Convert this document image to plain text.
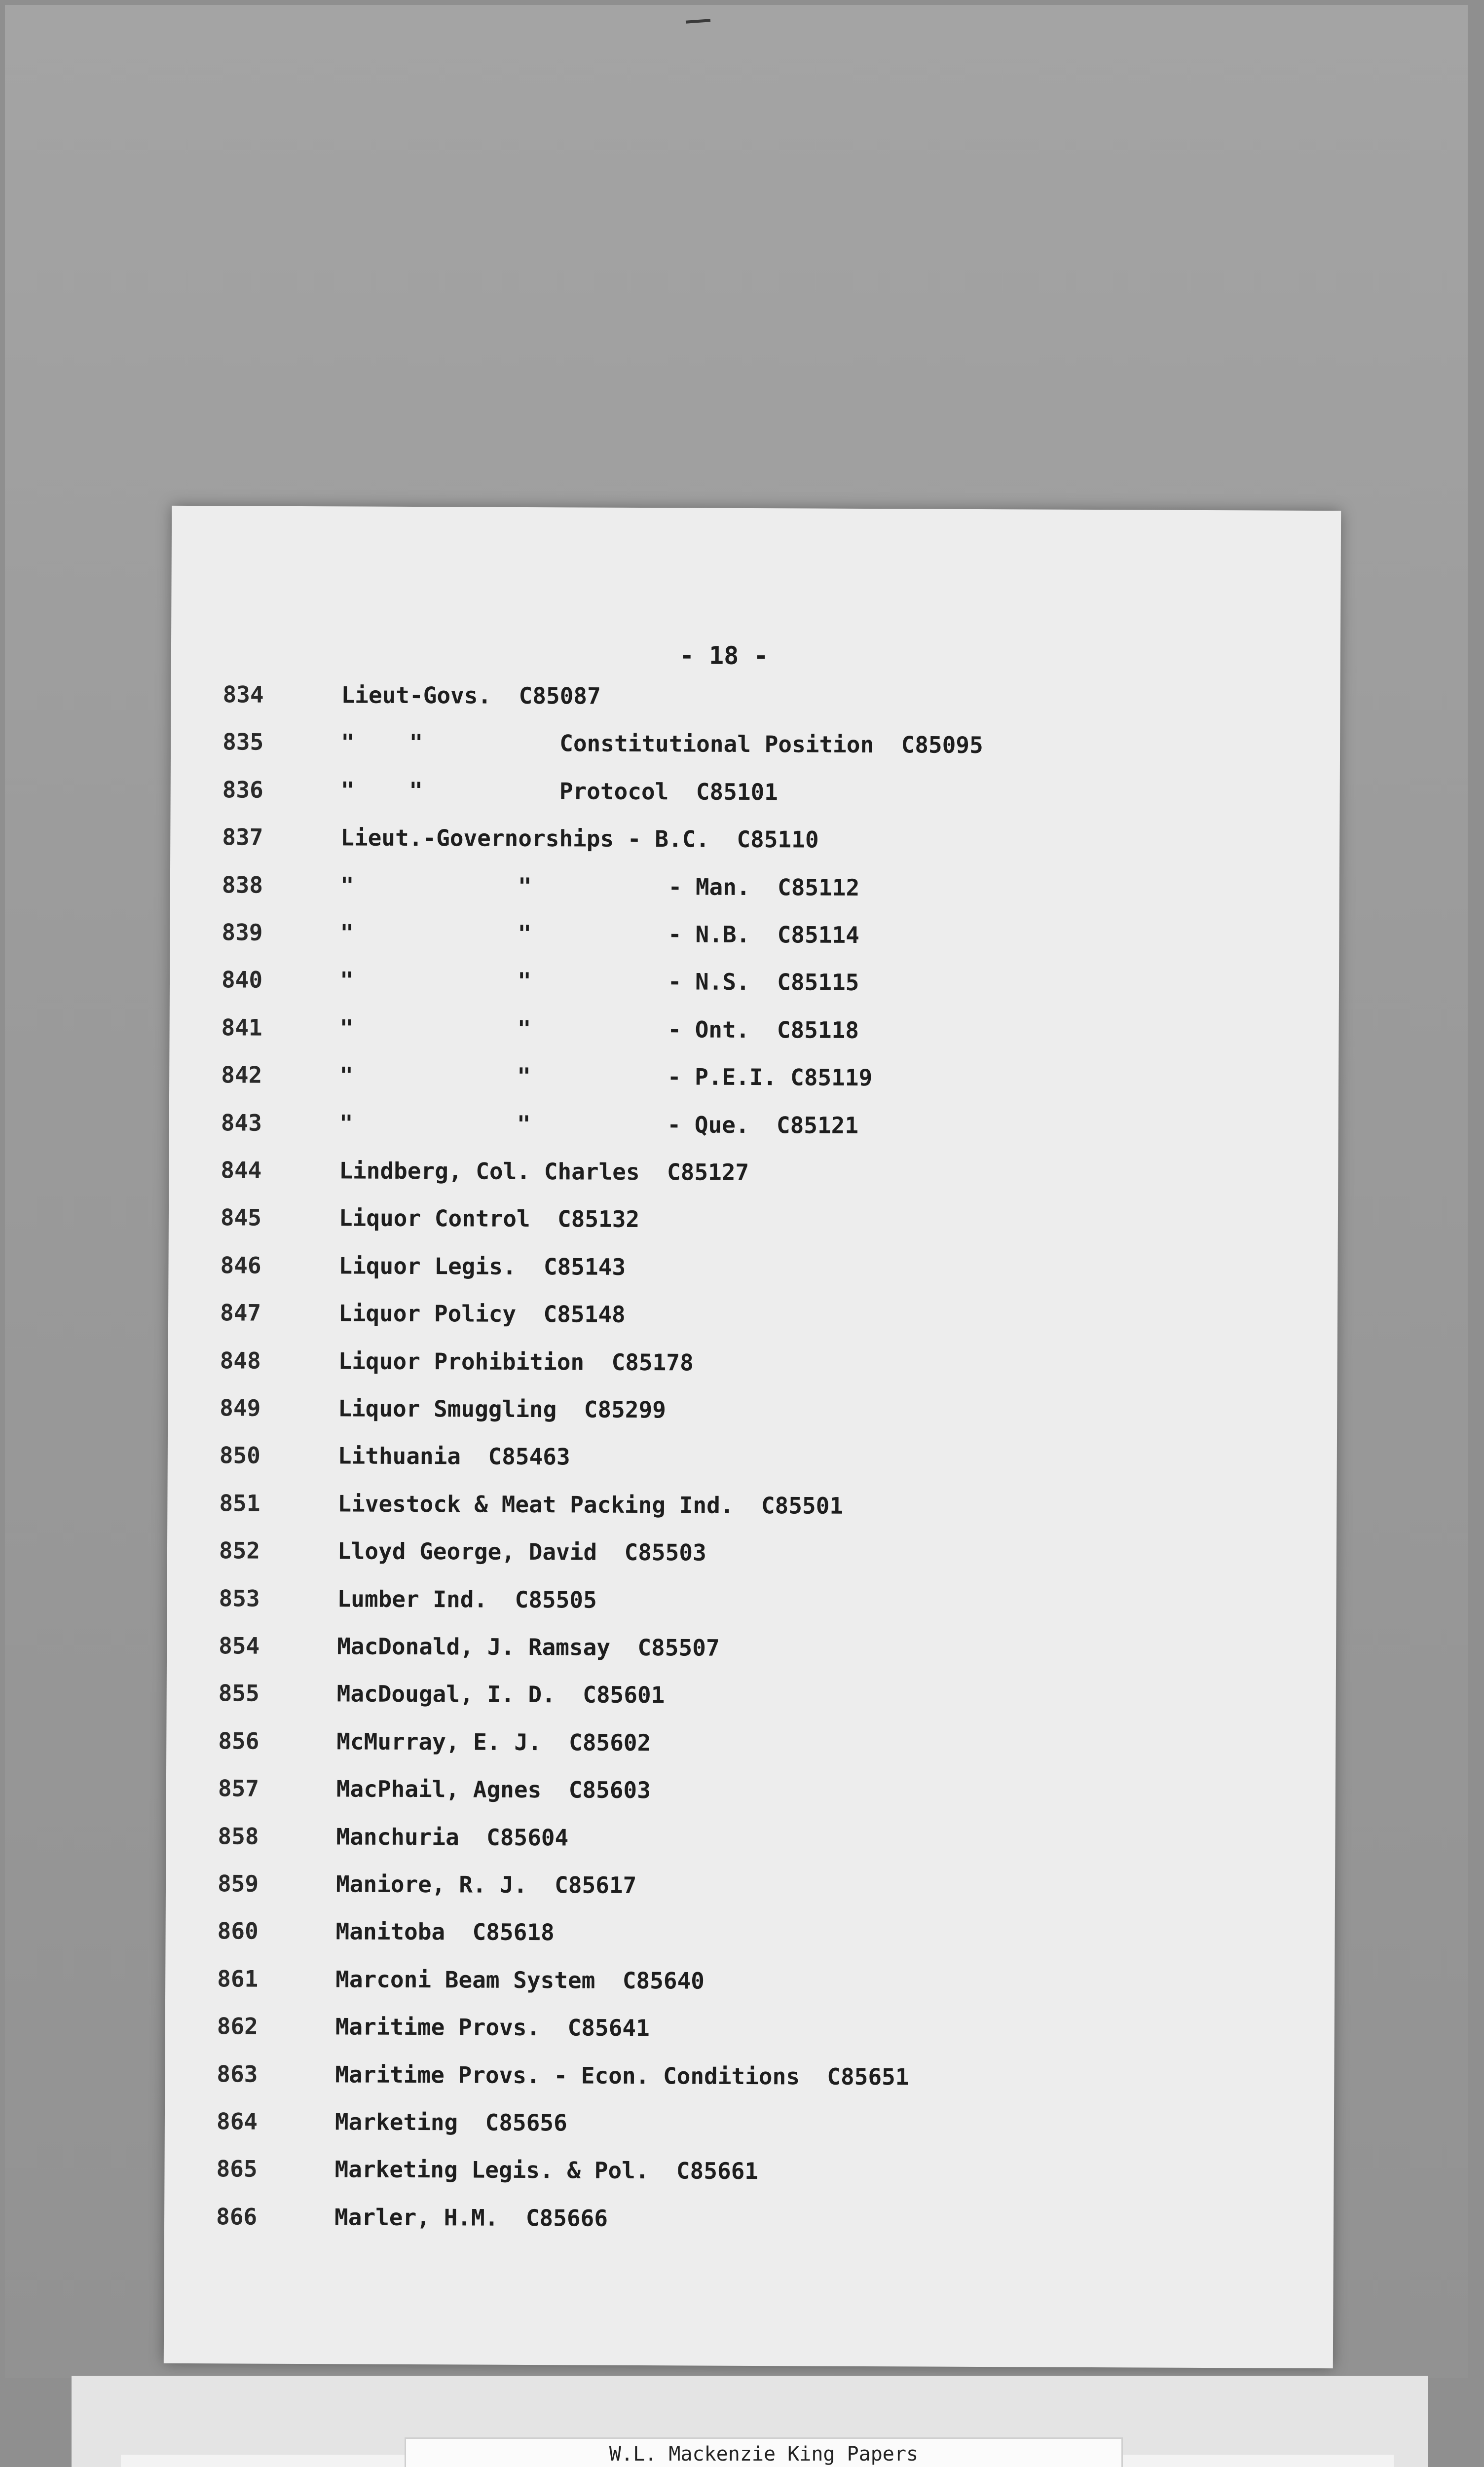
- 18 -
834	Lieut-Govs.  C85087
835	"    "          Constitutional Position  C85095
836	"    "          Protocol  C85101
837	Lieut.-Governorships - B.C.  C85110
838	"            "          - Man.  C85112
839	"            "          - N.B.  C85114
840	"            "          - N.S.  C85115
841	"            "          - Ont.  C85118
842	"            "          - P.E.I. C85119
843	"            "          - Que.  C85121
844	Lindberg, Col. Charles  C85127
845	Liquor Control  C85132
846	Liquor Legis.  C85143
847	Liquor Policy  C85148
848	Liquor Prohibition  C85178
849	Liquor Smuggling  C85299
850	Lithuania  C85463
851	Livestock & Meat Packing Ind.  C85501
852	Lloyd George, David  C85503
853	Lumber Ind.  C85505
854	MacDonald, J. Ramsay  C85507
855	MacDougal, I. D.  C85601
856	McMurray, E. J.  C85602
857	MacPhail, Agnes  C85603
858	Manchuria  C85604
859	Maniore, R. J.  C85617
860	Manitoba  C85618
861	Marconi Beam System  C85640
862	Maritime Provs.  C85641
863	Maritime Provs. - Econ. Conditions  C85651
864	Marketing  C85656
865	Marketing Legis. & Pol.  C85661
866	Marler, H.M.  C85666
W.L. Mackenzie King Papers
